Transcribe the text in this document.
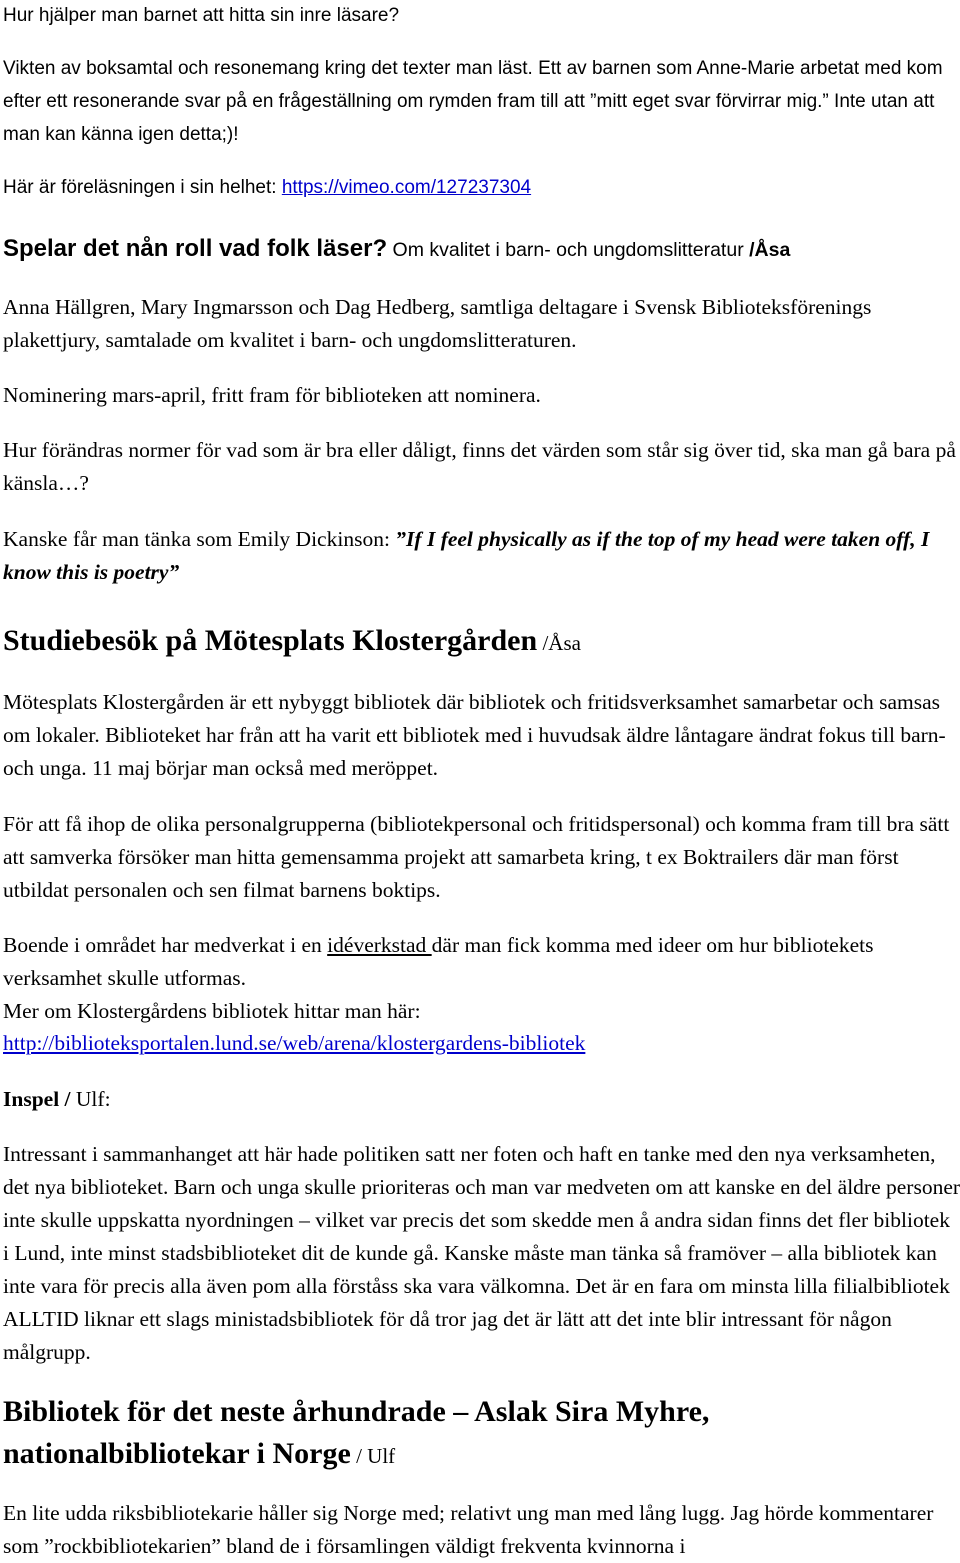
Hur hjälper man barnet att hitta sin inre läsare?

Vikten av boksamtal och resonemang kring det texter man läst. Ett av barnen som Anne-Marie arbetat med kom efter ett resonerande svar på en frågeställning om rymden fram till att ”mitt eget svar förvirrar mig.” Inte utan att man kan känna igen detta;)!

Här är föreläsningen i sin helhet: https://vimeo.com/127237304

Spelar det nån roll vad folk läser? Om kvalitet i barn- och ungdomslitteratur /Åsa

Anna Hällgren, Mary Ingmarsson och Dag Hedberg, samtliga deltagare i Svensk Biblioteksförenings plakettjury, samtalade om kvalitet i barn- och ungdomslitteraturen.

Nominering mars-april, fritt fram för biblioteken att nominera.

Hur förändras normer för vad som är bra eller dåligt, finns det värden som står sig över tid, ska man gå bara på känsla…?

Kanske får man tänka som Emily Dickinson: ”If I feel physically as if the top of my head were taken off, I know this is poetry”

Studiebesök på Mötesplats Klostergården /Åsa

Mötesplats Klostergården är ett nybyggt bibliotek där bibliotek och fritidsverksamhet samarbetar och samsas om lokaler. Biblioteket har från att ha varit ett bibliotek med i huvudsak äldre låntagare ändrat fokus till barn- och unga. 11 maj börjar man också med meröppet.

För att få ihop de olika personalgrupperna (bibliotekpersonal och fritidspersonal) och komma fram till bra sätt att samverka försöker man hitta gemensamma projekt att samarbeta kring, t ex Boktrailers där man först utbildat personalen och sen filmat barnens boktips.

Boende i området har medverkat i en idéverkstad där man fick komma med ideer om hur bibliotekets verksamhet skulle utformas.

Mer om Klostergårdens bibliotek hittar man här:

http://biblioteksportalen.lund.se/web/arena/klostergardens-bibliotek

Inspel / Ulf:

Intressant i sammanhanget att här hade politiken satt ner foten och haft en tanke med den nya verksamheten, det nya biblioteket. Barn och unga skulle prioriteras och man var medveten om att kanske en del äldre personer inte skulle uppskatta nyordningen – vilket var precis det som skedde men å andra sidan finns det fler bibliotek i Lund, inte minst stadsbiblioteket dit de kunde gå. Kanske måste man tänka så framöver – alla bibliotek kan inte vara för precis alla även pom alla förståss ska vara välkomna. Det är en fara om minsta lilla filialbibliotek ALLTID liknar ett slags ministadsbibliotek för då tror jag det är lätt att det inte blir intressant för någon målgrupp.

Bibliotek för det neste århundrade – Aslak Sira Myhre, nationalbibliotekar i Norge / Ulf

En lite udda riksbibliotekarie håller sig Norge med; relativt ung man med lång lugg. Jag hörde kommentarer som ”rockbibliotekarien” bland de i församlingen väldigt frekventa kvinnorna i
